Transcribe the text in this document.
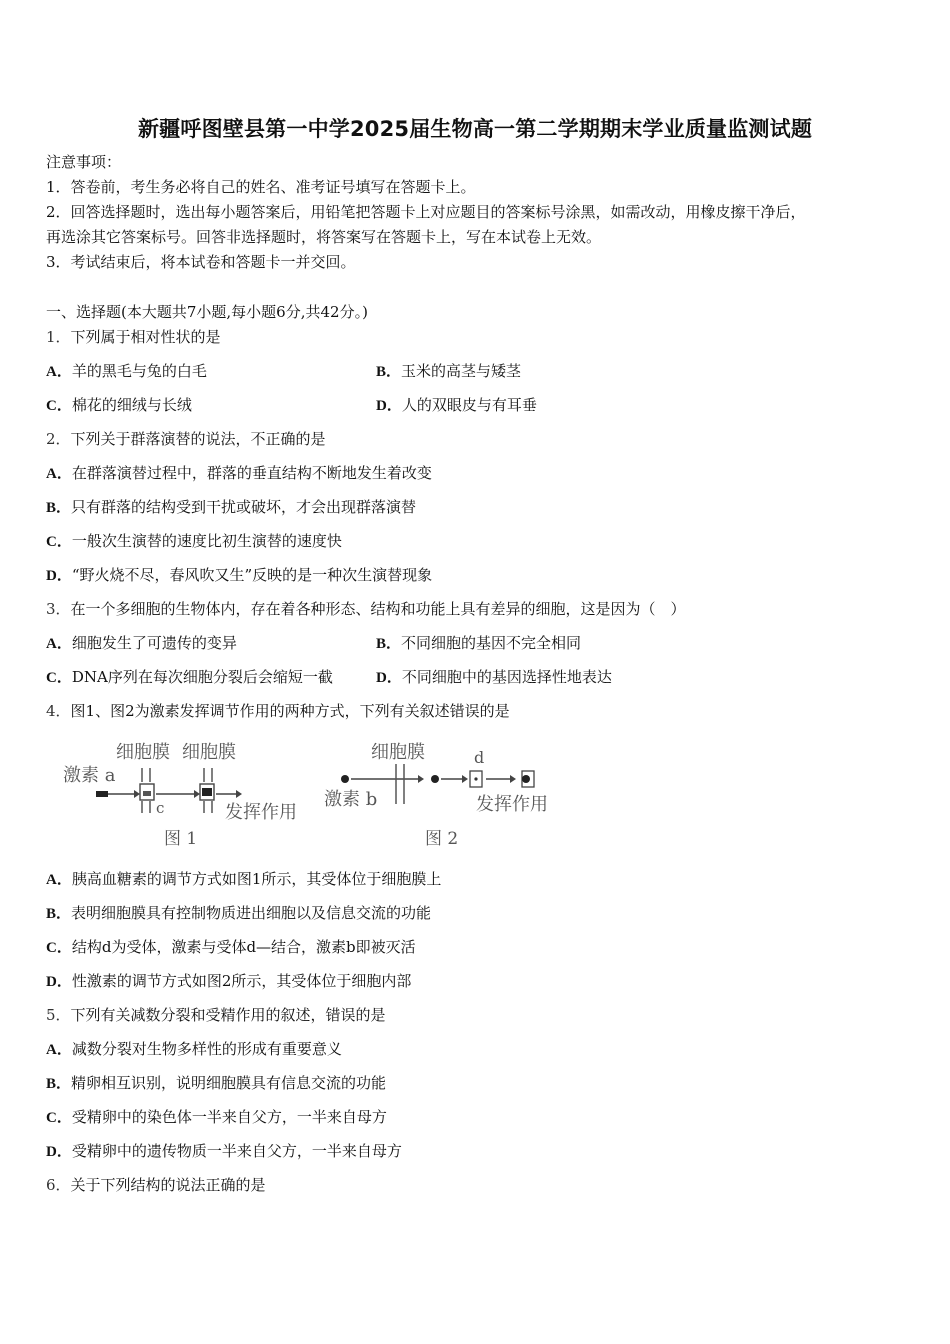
新疆呼图壁县第一中学2025届生物高一第二学期期末学业质量监测试题
注意事项：
1．答卷前，考生务必将自己的姓名、准考证号填写在答题卡上。
2．回答选择题时，选出每小题答案后，用铅笔把答题卡上对应题目的答案标号涂黑，如需改动，用橡皮擦干净后，
再选涂其它答案标号。回答非选择题时，将答案写在答题卡上，写在本试卷上无效。
3．考试结束后，将本试卷和答题卡一并交回。
一、选择题(本大题共7小题,每小题6分,共42分。)
1．下列属于相对性状的是
A．羊的黑毛与兔的白毛	B．玉米的高茎与矮茎
C．棉花的细绒与长绒	D．人的双眼皮与有耳垂
2．下列关于群落演替的说法，不正确的是
A．在群落演替过程中，群落的垂直结构不断地发生着改变
B．只有群落的结构受到干扰或破坏，才会出现群落演替
C．一般次生演替的速度比初生演替的速度快
D．“野火烧不尽，春风吹又生”反映的是一种次生演替现象
3．在一个多细胞的生物体内，存在着各种形态、结构和功能上具有差异的细胞，这是因为（　）
A．细胞发生了可遗传的变异	B．不同细胞的基因不完全相同
C．DNA序列在每次细胞分裂后会缩短一截	D．不同细胞中的基因选择性地表达
4．图1、图2为激素发挥调节作用的两种方式，下列有关叙述错误的是
细胞膜 细胞膜
激素 a
c	发挥作用
图 1
细胞膜	d
激素 b	发挥作用
图 2
A．胰高血糖素的调节方式如图1所示，其受体位于细胞膜上
B．表明细胞膜具有控制物质进出细胞以及信息交流的功能
C．结构d为受体，激素与受体d—结合，激素b即被灭活
D．性激素的调节方式如图2所示，其受体位于细胞内部
5．下列有关减数分裂和受精作用的叙述，错误的是
A．减数分裂对生物多样性的形成有重要意义
B．精卵相互识别，说明细胞膜具有信息交流的功能
C．受精卵中的染色体一半来自父方，一半来自母方
D．受精卵中的遗传物质一半来自父方，一半来自母方
6．关于下列结构的说法正确的是
